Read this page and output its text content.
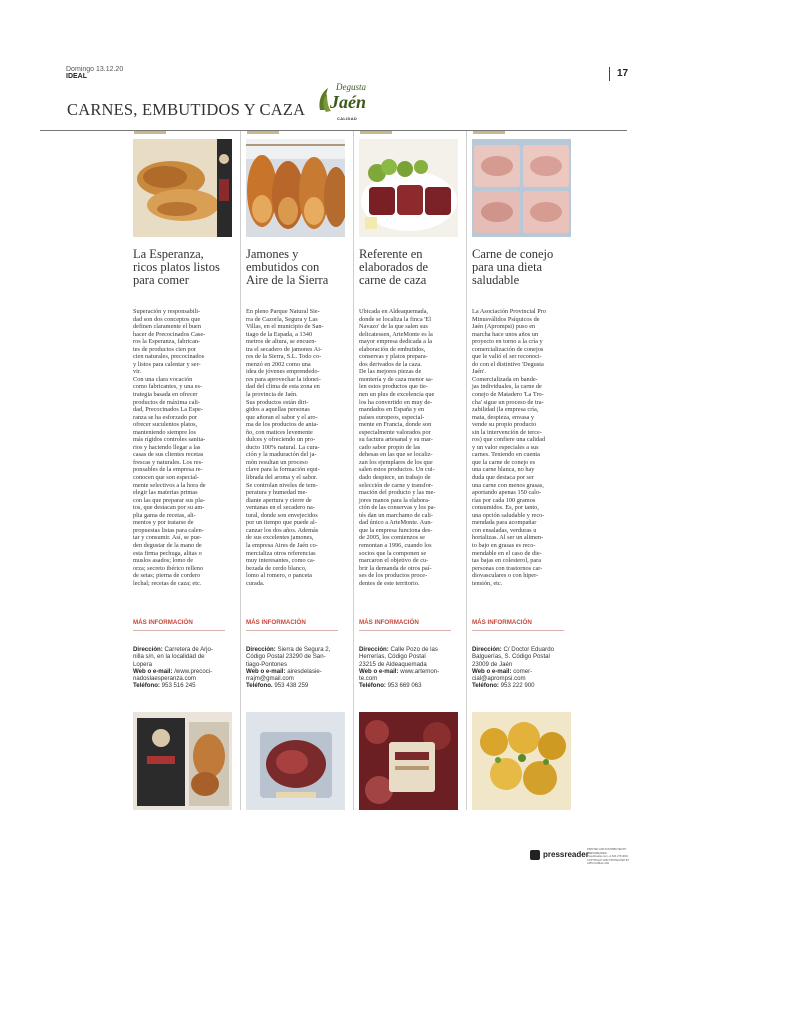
Domingo 13.12.20
IDEAL	17
CARNES, EMBUTIDOS Y CAZA
Degusta
Jaén
CALIDAD
La Esperanza,
ricos platos listos
para comer
Superación y responsabili-
dad son dos conceptos que
definen claramente el buen
hacer de Precocinados Case-
ros la Esperanza, fabrican-
tes de productos cien por
cien naturales, precocinados
y listos para calentar y ser-
vir.
Con una clara vocación
como fabricantes, y una es-
trategia basada en ofrecer
productos de máxima cali-
dad, Precocinados La Espe-
ranza se ha esforzado por
ofrecer suculentos platos,
manteniendo siempre los
más rígidos controles sanita-
rios y haciendo llegar a las
casas de sus clientes recetas
frescas y naturales. Los res-
ponsables de la empresa re-
conocen que son especial-
mente selectivos a la hora de
elegir las materias primas
con las que preparar sus pla-
tos, que destacan por su am-
plia gama de recetas, ali-
mentos y por tratarse de
propuestas listas para calen-
tar y consumir. Así, se pue-
den degustar de la mano de
esta firma pechuga, alitas o
muslos asados; lomo de
orza; secreto ibérico relleno
de setas; pierna de cordero
lechal; recetas de caza; etc.
MÁS INFORMACIÓN
Dirección: Carretera de Arjo-
nilla s/n, en la localidad de
Lopera
Web o e-mail: /www.precoci-
nadoslaesperanza.com
Teléfono: 953 516 245
Jamones y
embutidos con
Aire de la Sierra
En pleno Parque Natural Sie-
rra de Cazorla, Segura y Las
Villas, en el municipio de San-
tiago de la Espada, a 1340
metros de altura, se encuen-
tra el secadero de jamones Ai-
res de la Sierra, S.L. Todo co-
menzó en 2002 como una
idea de jóvenes emprendedo-
res para aprovechar la idonei-
dad del clima de esta zona en
la provincia de Jaén.
Sus productos están diri-
gidos a aquellas personas
que añoran el sabor y el aro-
ma de los productos de anta-
ño, con matices levemente
dulces y ofreciendo un pro-
ducto 100% natural. La cura-
ción y la maduración del ja-
món resultan un proceso
clave para la formación equi-
librada del aroma y el sabor.
Se controlan niveles de tem-
peratura y humedad me-
diante apertura y cierre de
ventanas en el secadero na-
tural, donde son envejecidos
por un tiempo que puede al-
canzar los dos años. Además
de sus excelentes jamones,
la empresa Aires de Jaén co-
mercializa otros referencias
muy interesantes, como ca-
bezada de cerdo blanco,
lomo al romero, o panceta
curada.
MÁS INFORMACIÓN
Dirección: Sierra de Segura 2,
Código Postal 23290 de San-
tiago-Pontones
Web o e-mail: airesdelasie-
rrajm@gmail.com
Teléfono. 953 438 259
Referente en
elaborados de
carne de caza
Ubicada en Aldeaquemada,
donde se localiza la finca 'El
Navazo' de la que salen sus
delicatessen, ArteMonte es la
mayor empresa dedicada a la
elaboración de embutidos,
conservas y platos prepara-
dos derivados de la caza.
De las mejores piezas de
montería y de caza menor sa-
len estos productos que tie-
nen un plus de excelencia que
los ha convertido en muy de-
mandados en España y en
países europeos, especial-
mente en Francia, donde son
especialmente valorados por
su factura artesanal y su mar-
cado sabor propio de las
dehesas en las que se localiz-
zan los ejemplares de los que
salen estos productos. Un cui-
dado despiece, un trabajo de
selección de carne y transfor-
mación del producto y las me-
jores manos para la elabora-
ción de las conservas y los pa-
tés dan un marchamo de cali-
dad único a ArteMonte. Aun-
que la empresa funciona des-
de 2005, los comienzos se
remontan a 1996, cuando los
socios que la componen se
marcaron el objetivo de cu-
brir la demanda de otros paí-
ses de los productos proce-
dentes de este territorio.
MÁS INFORMACIÓN
Dirección: Calle Pozo de las
Herrerías, Código Postal
23215 de Aldeaquemada
Web o e-mail: www.artemon-
te.com
Teléfono: 953 669 063
Carne de conejo
para una dieta
saludable
La Asociación Provincial Pro
Minusválidos Psíquicos de
Jaén (Aprompsi) puso en
marcha hace unos años un
proyecto en torno a la cría y
comercialización de conejos
que le valió el ser reconoci-
do con el distintivo 'Degusta
Jaén'.
Comercializada en bande-
jas individuales, la carne de
conejo de Matadero 'La Tro-
cha' sigue un proceso de tra-
zabilidad (la empresa cría,
mata, despieza, envasa y
vende su propio producto
sin la intervención de terce-
ros) que confiere una calidad
y un valor especiales a sus
carnes. Teniendo en cuenta
que la carne de conejo es
una carne blanca, no hay
duda que destaca por ser
una carne con menos grasas,
aportando apenas 150 calo-
rías por cada 100 gramos
consumidos. Es, por tanto,
una opción saludable y reco-
mendada para acompañar
con ensaladas, verduras u
hortalizas. Al ser un alimen-
to bajo en grasas es reco-
mendable en el caso de die-
tas bajas en colesterol, para
personas con trastornos car-
diovasculares o con hiper-
tensión, etc.
MÁS INFORMACIÓN
Dirección: C/ Doctor Eduardo
Balguerías, S. Código Postal
23009 de Jaén
Web o e-mail: comer-
cial@aprompsi.com
Teléfono: 953 222 900
pressreader
PRINTED AND DISTRIBUTED BY PRESSREADER
PressReader.com +1 604 278 4604
COPYRIGHT AND PROTECTED BY APPLICABLE LAW
